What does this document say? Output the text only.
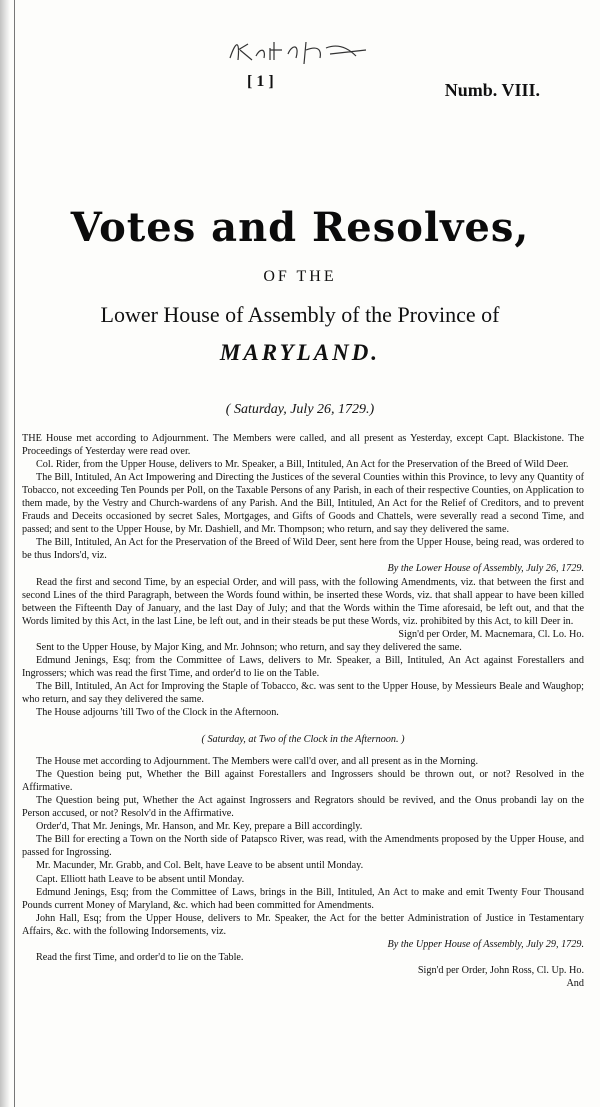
[ 1 ]	Numb. VIII.
Votes and Resolves,
OF THE
Lower House of Assembly of the Province of
MARYLAND.
( Saturday, July 26, 1729.)

THE House met according to Adjournment. The Members were called, and all present as Yesterday, except Capt. Blackistone. The Proceedings of Yesterday were read over.

Col. Rider, from the Upper House, delivers to Mr. Speaker, a Bill, Intituled, An Act for the Preservation of the Breed of Wild Deer.

The Bill, Intituled, An Act Impowering and Directing the Justices of the several Counties within this Province, to levy any Quantity of Tobacco, not exceeding Ten Pounds per Poll, on the Taxable Persons of any Parish, in each of their respective Counties, on Application to them made, by the Vestry and Church-wardens of any Parish. And the Bill, Intituled, An Act for the Relief of Creditors, and to prevent Frauds and Deceits occasioned by secret Sales, Mortgages, and Gifts of Goods and Chattels, were severally read a second Time, and passed; and sent to the Upper House, by Mr. Dashiell, and Mr. Thompson; who return, and say they delivered the same.

The Bill, Intituled, An Act for the Preservation of the Breed of Wild Deer, sent here from the Upper House, being read, was ordered to be thus Indors'd, viz.

By the Lower House of Assembly, July 26, 1729.

Read the first and second Time, by an especial Order, and will pass, with the following Amendments, viz. that between the first and second Lines of the third Paragraph, between the Words found within, be inserted these Words, viz. that shall appear to have been killed between the Fifteenth Day of January, and the last Day of July; and that the Words within the Time aforesaid, be left out, and that the Words limited by this Act, in the last Line, be left out, and in their steads be put these Words, viz. prohibited by this Act, to kill Deer in.

Sign'd per Order, M. Macnemara, Cl. Lo. Ho.

Sent to the Upper House, by Major King, and Mr. Johnson; who return, and say they delivered the same.

Edmund Jenings, Esq; from the Committee of Laws, delivers to Mr. Speaker, a Bill, Intituled, An Act against Forestallers and Ingrossers; which was read the first Time, and order'd to lie on the Table.

The Bill, Intituled, An Act for Improving the Staple of Tobacco, &c. was sent to the Upper House, by Messieurs Beale and Waughop; who return, and say they delivered the same.

The House adjourns 'till Two of the Clock in the Afternoon.

( Saturday, at Two of the Clock in the Afternoon. )

The House met according to Adjournment. The Members were call'd over, and all present as in the Morning.

The Question being put, Whether the Bill against Forestallers and Ingrossers should be thrown out, or not? Resolved in the Affirmative.

The Question being put, Whether the Act against Ingrossers and Regrators should be revived, and the Onus probandi lay on the Person accused, or not? Resolv'd in the Affirmative.

Order'd, That Mr. Jenings, Mr. Hanson, and Mr. Key, prepare a Bill accordingly.

The Bill for erecting a Town on the North side of Patapsco River, was read, with the Amendments proposed by the Upper House, and passed for Ingrossing.

Mr. Macunder, Mr. Grabb, and Col. Belt, have Leave to be absent until Monday.

Capt. Elliott hath Leave to be absent until Monday.

Edmund Jenings, Esq; from the Committee of Laws, brings in the Bill, Intituled, An Act to make and emit Twenty Four Thousand Pounds current Money of Maryland, &c. which had been committed for Amendments.

John Hall, Esq; from the Upper House, delivers to Mr. Speaker, the Act for the better Administration of Justice in Testamentary Affairs, &c. with the following Indorsements, viz.

By the Upper House of Assembly, July 29, 1729.

Read the first Time, and order'd to lie on the Table.

Sign'd per Order, John Ross, Cl. Up. Ho.

And
